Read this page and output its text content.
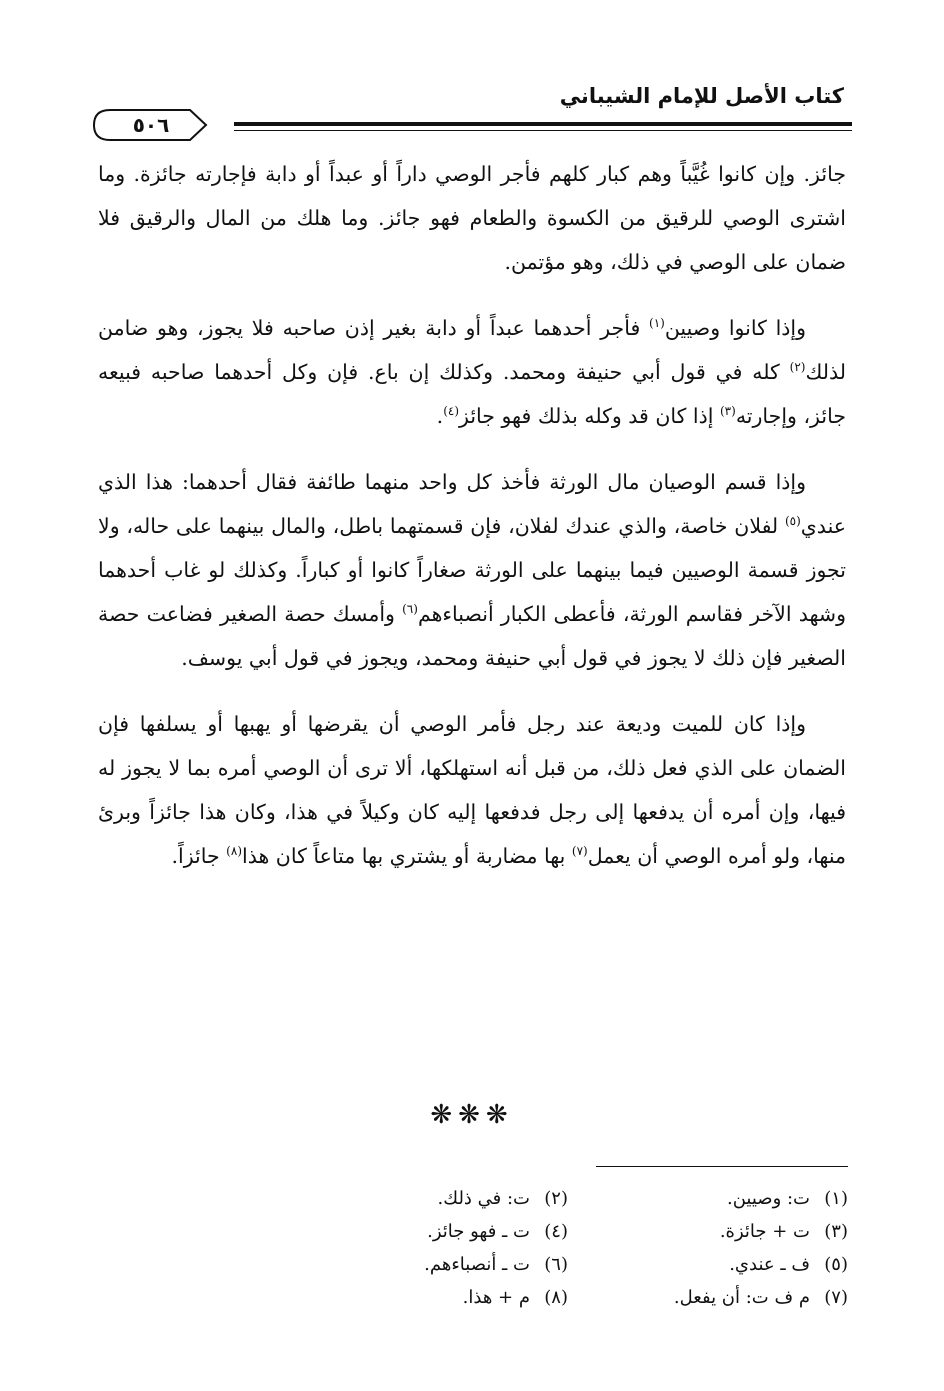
كتاب الأصل للإمام الشيباني
٥٠٦

جائز. وإن كانوا غُيَّباً وهم كبار كلهم فأجر الوصي داراً أو عبداً أو دابة فإجارته جائزة. وما اشترى الوصي للرقيق من الكسوة والطعام فهو جائز. وما هلك من المال والرقيق فلا ضمان على الوصي في ذلك، وهو مؤتمن.

وإذا كانوا وصيين$^{(١)}$ فأجر أحدهما عبداً أو دابة بغير إذن صاحبه فلا يجوز، وهو ضامن لذلك$^{(٢)}$ كله في قول أبي حنيفة ومحمد. وكذلك إن باع. فإن وكل أحدهما صاحبه فبيعه جائز، وإجارته$^{(٣)}$ إذا كان قد وكله بذلك فهو جائز$^{(٤)}$.

وإذا قسم الوصيان مال الورثة فأخذ كل واحد منهما طائفة فقال أحدهما: هذا الذي عندي$^{(٥)}$ لفلان خاصة، والذي عندك لفلان، فإن قسمتهما باطل، والمال بينهما على حاله، ولا تجوز قسمة الوصيين فيما بينهما على الورثة صغاراً كانوا أو كباراً. وكذلك لو غاب أحدهما وشهد الآخر فقاسم الورثة، فأعطى الكبار أنصباءهم$^{(٦)}$ وأمسك حصة الصغير فضاعت حصة الصغير فإن ذلك لا يجوز في قول أبي حنيفة ومحمد، ويجوز في قول أبي يوسف.

وإذا كان للميت وديعة عند رجل فأمر الوصي أن يقرضها أو يهبها أو يسلفها فإن الضمان على الذي فعل ذلك، من قبل أنه استهلكها، ألا ترى أن الوصي أمره بما لا يجوز له فيها، وإن أمره أن يدفعها إلى رجل فدفعها إليه كان وكيلاً في هذا، وكان هذا جائزاً وبرئ منها، ولو أمره الوصي أن يعمل$^{(٧)}$ بها مضاربة أو يشتري بها متاعاً كان هذا$^{(٨)}$ جائزاً.

❋❋❋
(١)ت: وصيين.
(٢)ت: في ذلك.
(٣)ت + جائزة.
(٤)ت ـ فهو جائز.
(٥)ف ـ عندي.
(٦)ت ـ أنصباءهم.
(٧)م ف ت: أن يفعل.
(٨)م + هذا.
